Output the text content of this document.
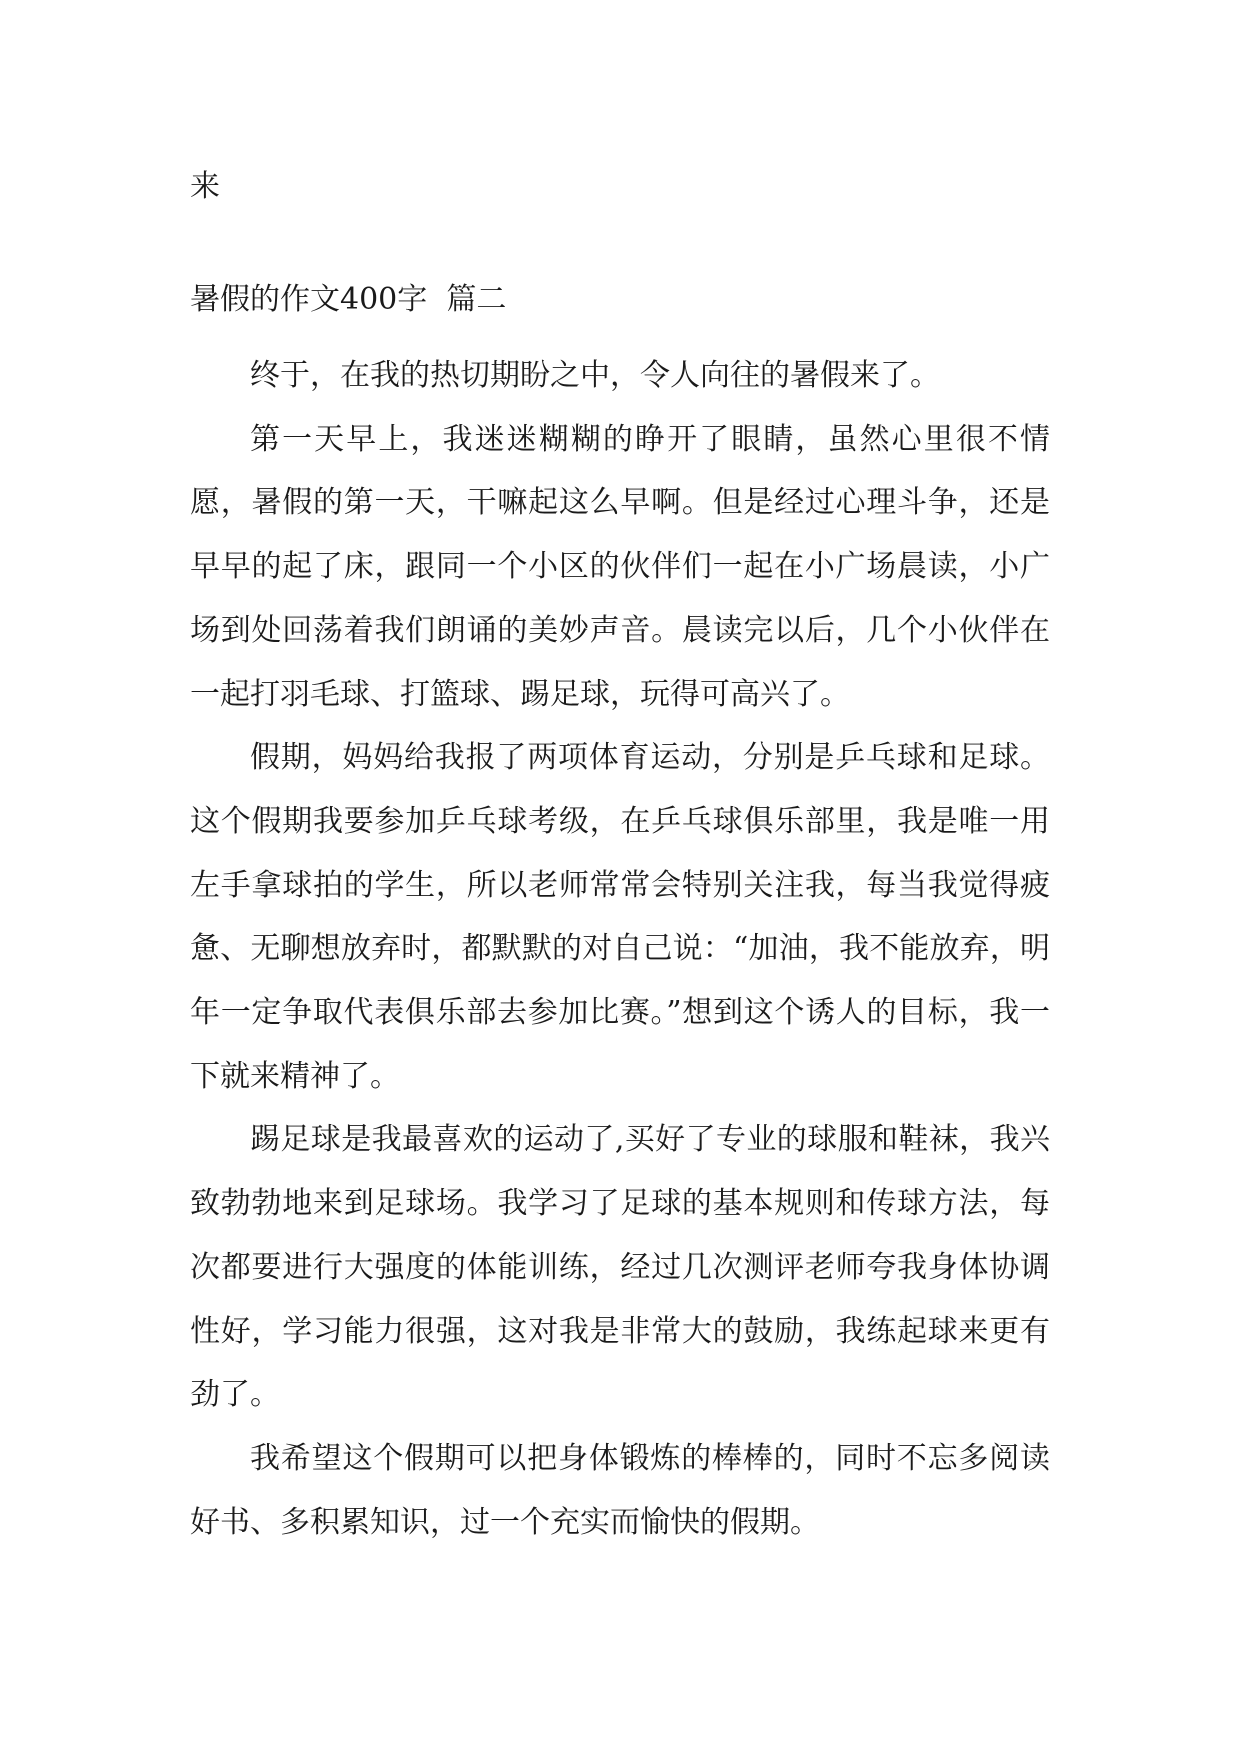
来

暑假的作文400字  篇二

终于，在我的热切期盼之中，令人向往的暑假来了。

第一天早上，我迷迷糊糊的睁开了眼睛，虽然心里很不情愿，暑假的第一天，干嘛起这么早啊。但是经过心理斗争，还是早早的起了床，跟同一个小区的伙伴们一起在小广场晨读，小广场到处回荡着我们朗诵的美妙声音。晨读完以后，几个小伙伴在一起打羽毛球、打篮球、踢足球，玩得可高兴了。

假期，妈妈给我报了两项体育运动，分别是乒乓球和足球。这个假期我要参加乒乓球考级，在乒乓球俱乐部里，我是唯一用左手拿球拍的学生，所以老师常常会特别关注我，每当我觉得疲惫、无聊想放弃时，都默默的对自己说：“加油，我不能放弃，明年一定争取代表俱乐部去参加比赛。”想到这个诱人的目标，我一下就来精神了。

踢足球是我最喜欢的运动了,买好了专业的球服和鞋袜，我兴致勃勃地来到足球场。我学习了足球的基本规则和传球方法，每次都要进行大强度的体能训练，经过几次测评老师夸我身体协调性好，学习能力很强，这对我是非常大的鼓励，我练起球来更有劲了。

我希望这个假期可以把身体锻炼的棒棒的，同时不忘多阅读好书、多积累知识，过一个充实而愉快的假期。
